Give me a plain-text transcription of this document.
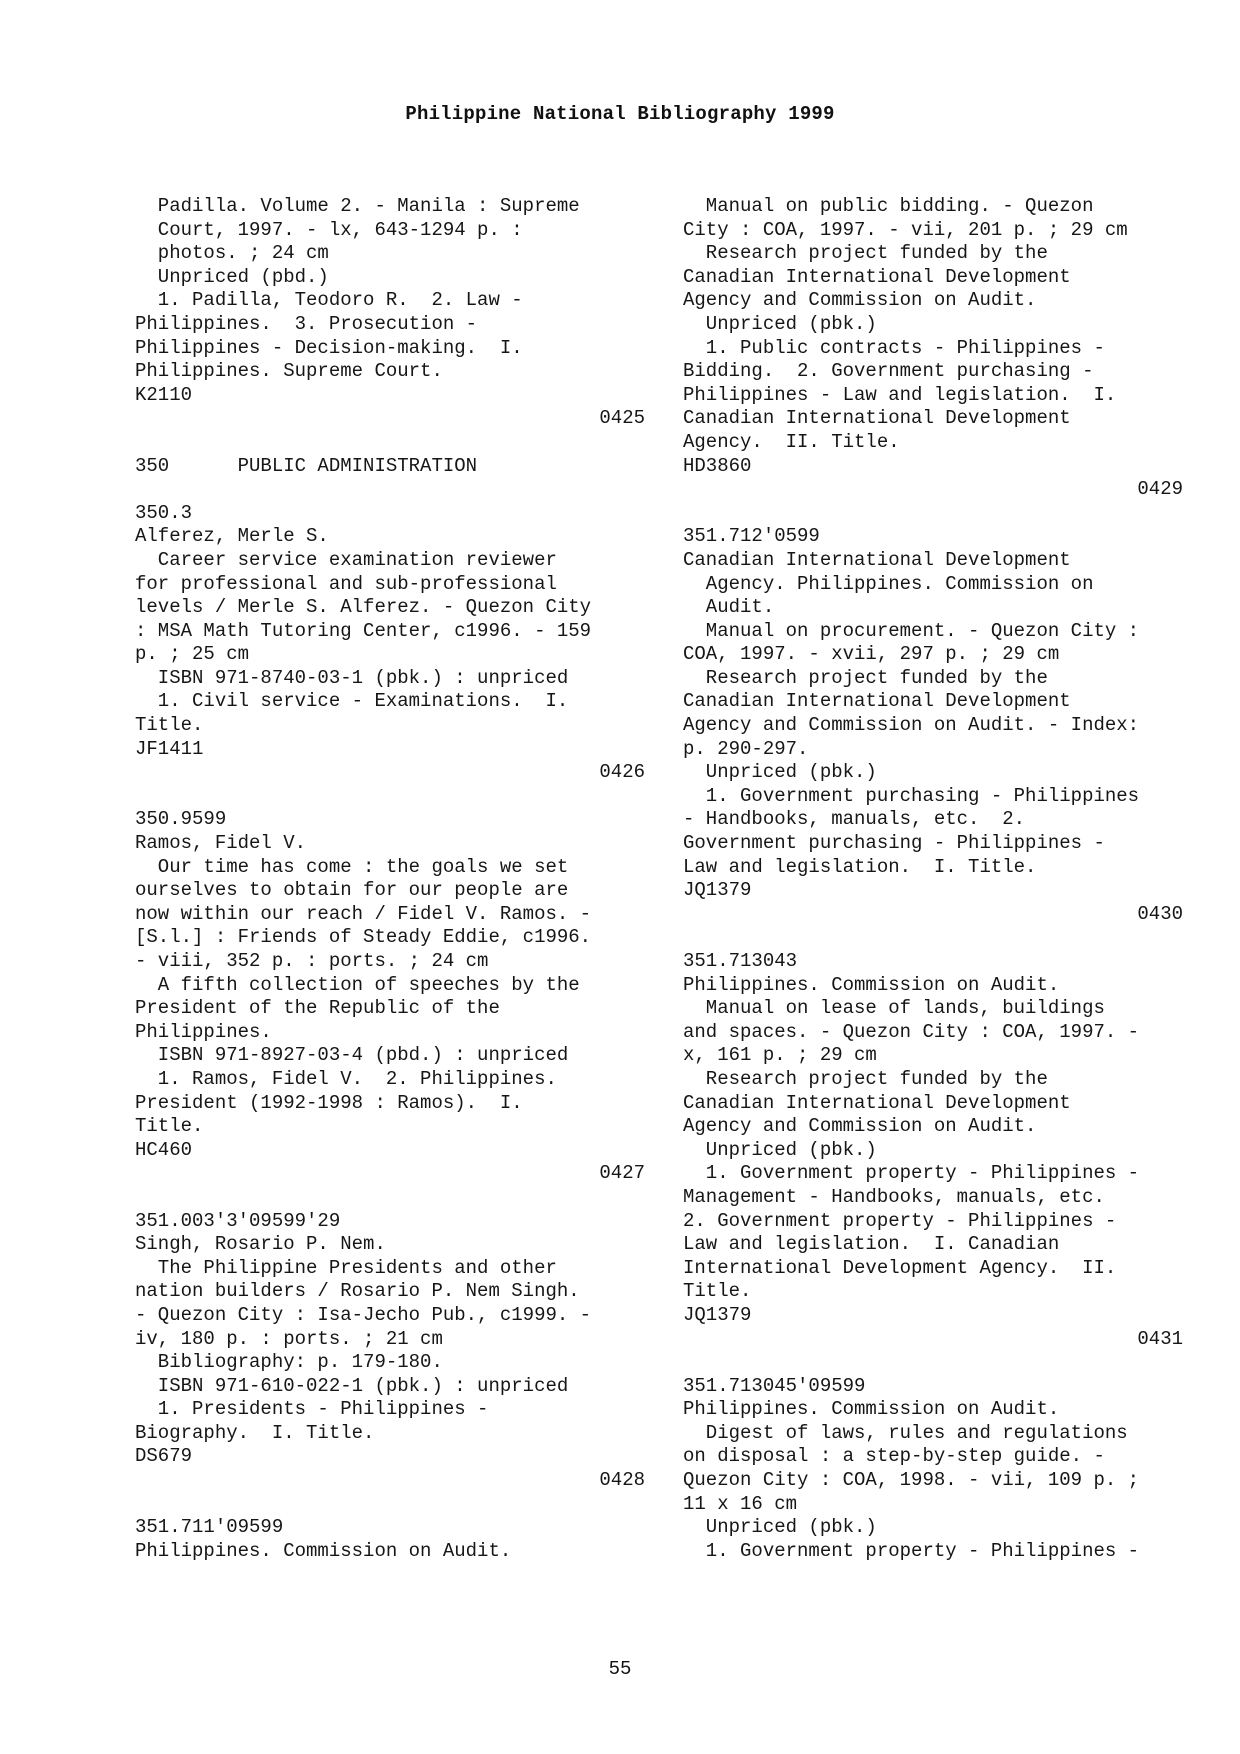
Philippine National Bibliography 1999
Padilla. Volume 2. - Manila : Supreme
Court, 1997. - lx, 643-1294 p. :
photos. ; 24 cm
Unpriced (pbd.)
1. Padilla, Teodoro R.  2. Law -
Philippines.  3. Prosecution -
Philippines - Decision-making.  I.
Philippines. Supreme Court.
K2110
0425
350      PUBLIC ADMINISTRATION
350.3
Alferez, Merle S.
Career service examination reviewer
for professional and sub-professional
levels / Merle S. Alferez. - Quezon City
: MSA Math Tutoring Center, c1996. - 159
p. ; 25 cm
ISBN 971-8740-03-1 (pbk.) : unpriced
1. Civil service - Examinations.  I.
Title.
JF1411
0426
350.9599
Ramos, Fidel V.
Our time has come : the goals we set
ourselves to obtain for our people are
now within our reach / Fidel V. Ramos. -
[S.l.] : Friends of Steady Eddie, c1996.
- viii, 352 p. : ports. ; 24 cm
A fifth collection of speeches by the
President of the Republic of the
Philippines.
ISBN 971-8927-03-4 (pbd.) : unpriced
1. Ramos, Fidel V.  2. Philippines.
President (1992-1998 : Ramos).  I.
Title.
HC460
0427
351.003'3'09599'29
Singh, Rosario P. Nem.
The Philippine Presidents and other
nation builders / Rosario P. Nem Singh.
- Quezon City : Isa-Jecho Pub., c1999. -
iv, 180 p. : ports. ; 21 cm
Bibliography: p. 179-180.
ISBN 971-610-022-1 (pbk.) : unpriced
1. Presidents - Philippines -
Biography.  I. Title.
DS679
0428
351.711'09599
Philippines. Commission on Audit.
Manual on public bidding. - Quezon
City : COA, 1997. - vii, 201 p. ; 29 cm
Research project funded by the
Canadian International Development
Agency and Commission on Audit.
Unpriced (pbk.)
1. Public contracts - Philippines -
Bidding.  2. Government purchasing -
Philippines - Law and legislation.  I.
Canadian International Development
Agency.  II. Title.
HD3860
0429
351.712'0599
Canadian International Development
Agency. Philippines. Commission on
Audit.
Manual on procurement. - Quezon City :
COA, 1997. - xvii, 297 p. ; 29 cm
Research project funded by the
Canadian International Development
Agency and Commission on Audit. - Index:
p. 290-297.
Unpriced (pbk.)
1. Government purchasing - Philippines
- Handbooks, manuals, etc.  2.
Government purchasing - Philippines -
Law and legislation.  I. Title.
JQ1379
0430
351.713043
Philippines. Commission on Audit.
Manual on lease of lands, buildings
and spaces. - Quezon City : COA, 1997. -
x, 161 p. ; 29 cm
Research project funded by the
Canadian International Development
Agency and Commission on Audit.
Unpriced (pbk.)
1. Government property - Philippines -
Management - Handbooks, manuals, etc.
2. Government property - Philippines -
Law and legislation.  I. Canadian
International Development Agency.  II.
Title.
JQ1379
0431
351.713045'09599
Philippines. Commission on Audit.
Digest of laws, rules and regulations
on disposal : a step-by-step guide. -
Quezon City : COA, 1998. - vii, 109 p. ;
11 x 16 cm
Unpriced (pbk.)
1. Government property - Philippines -
55
